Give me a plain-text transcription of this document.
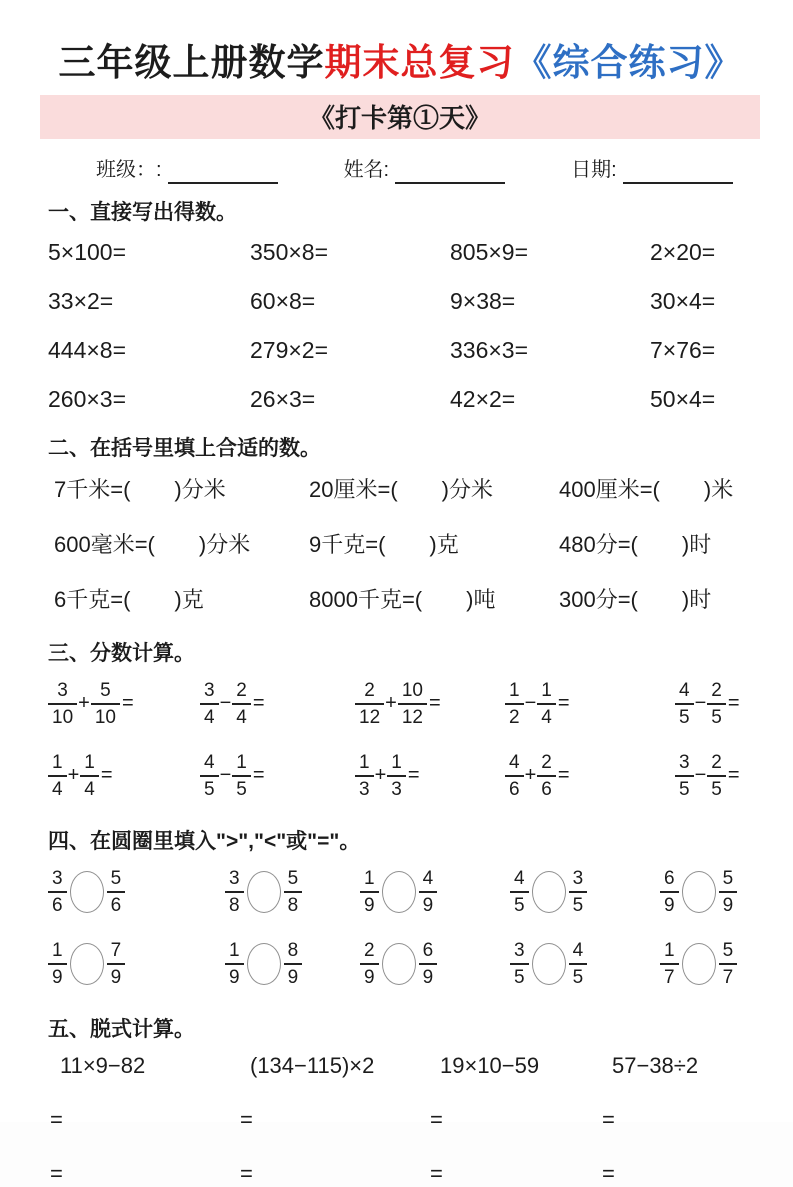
三年级上册数学期末总复习《综合练习》
《打卡第①天》
班级：:	姓名:	日期:
一、直接写出得数。
5×100=	350×8=	805×9=	2×20=
33×2=	60×8=	9×38=	30×4=
444×8=	279×2=	336×3=	7×76=
260×3=	26×3=	42×2=	50×4=
二、在括号里填上合适的数。
7千米=(　　)分米	20厘米=(　　)分米	400厘米=(　　)米
600毫米=(　　)分米	9千克=(　　)克	480分=(　　)时
6千克=(　　)克	8000千克=(　　)吨	300分=(　　)时
三、分数计算。
$\frac{3}{10} + \frac{5}{10}$ =	$\frac{3}{4} - \frac{2}{4}$ =	$\frac{2}{12} + \frac{10}{12}$ =	$\frac{1}{2} - \frac{1}{4}$ =	$\frac{4}{5} - \frac{2}{5}$ =
$\frac{1}{4} + \frac{1}{4}$ =	$\frac{4}{5} - \frac{1}{5}$ =	$\frac{1}{3} + \frac{1}{3}$ =	$\frac{4}{6} + \frac{2}{6}$ =	$\frac{3}{5} - \frac{2}{5}$ =
四、在圆圈里填入">","<"或"="。
$\frac{3}{6} \frac{5}{6}$	$\frac{3}{8} \frac{5}{8}$	$\frac{1}{9} \frac{4}{9}$	$\frac{4}{5} \frac{3}{5}$	$\frac{6}{9} \frac{5}{9}$
$\frac{1}{9} \frac{7}{9}$	$\frac{1}{9} \frac{8}{9}$	$\frac{2}{9} \frac{6}{9}$	$\frac{3}{5} \frac{4}{5}$	$\frac{1}{7} \frac{5}{7}$
五、脱式计算。
11×9−82	(134−115)×2	19×10−59	57−38÷2
=	=	=	=
=	=	=	=
